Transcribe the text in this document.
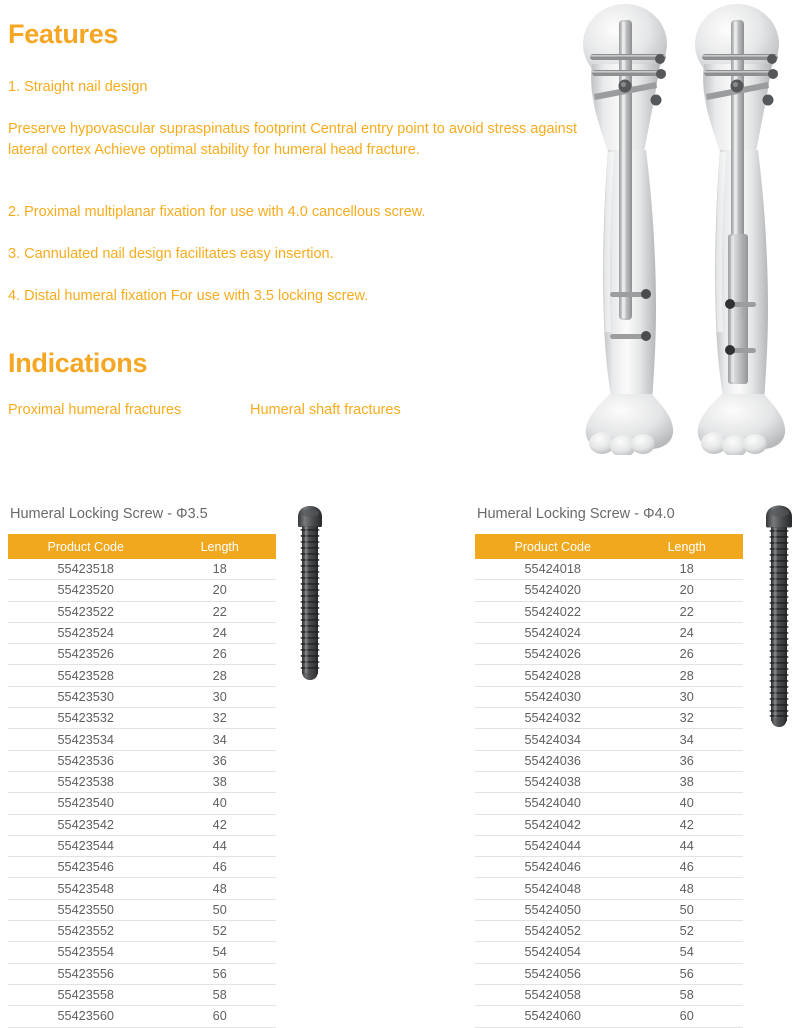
Features
1. Straight nail design
Preserve hypovascular supraspinatus footprint Central entry point to avoid stress against lateral cortex Achieve optimal stability for humeral head fracture.
2. Proximal multiplanar fixation for use with 4.0 cancellous screw.
3. Cannulated nail design facilitates easy insertion.
4. Distal humeral fixation For use with 3.5 locking screw.
Indications
Proximal humeral fractures	Humeral shaft fractures
Humeral Locking Screw - Φ3.5
Product Code	Length
55423518	18
55423520	20
55423522	22
55423524	24
55423526	26
55423528	28
55423530	30
55423532	32
55423534	34
55423536	36
55423538	38
55423540	40
55423542	42
55423544	44
55423546	46
55423548	48
55423550	50
55423552	52
55423554	54
55423556	56
55423558	58
55423560	60
Humeral Locking Screw - Φ4.0
Product Code	Length
55424018	18
55424020	20
55424022	22
55424024	24
55424026	26
55424028	28
55424030	30
55424032	32
55424034	34
55424036	36
55424038	38
55424040	40
55424042	42
55424044	44
55424046	46
55424048	48
55424050	50
55424052	52
55424054	54
55424056	56
55424058	58
55424060	60
